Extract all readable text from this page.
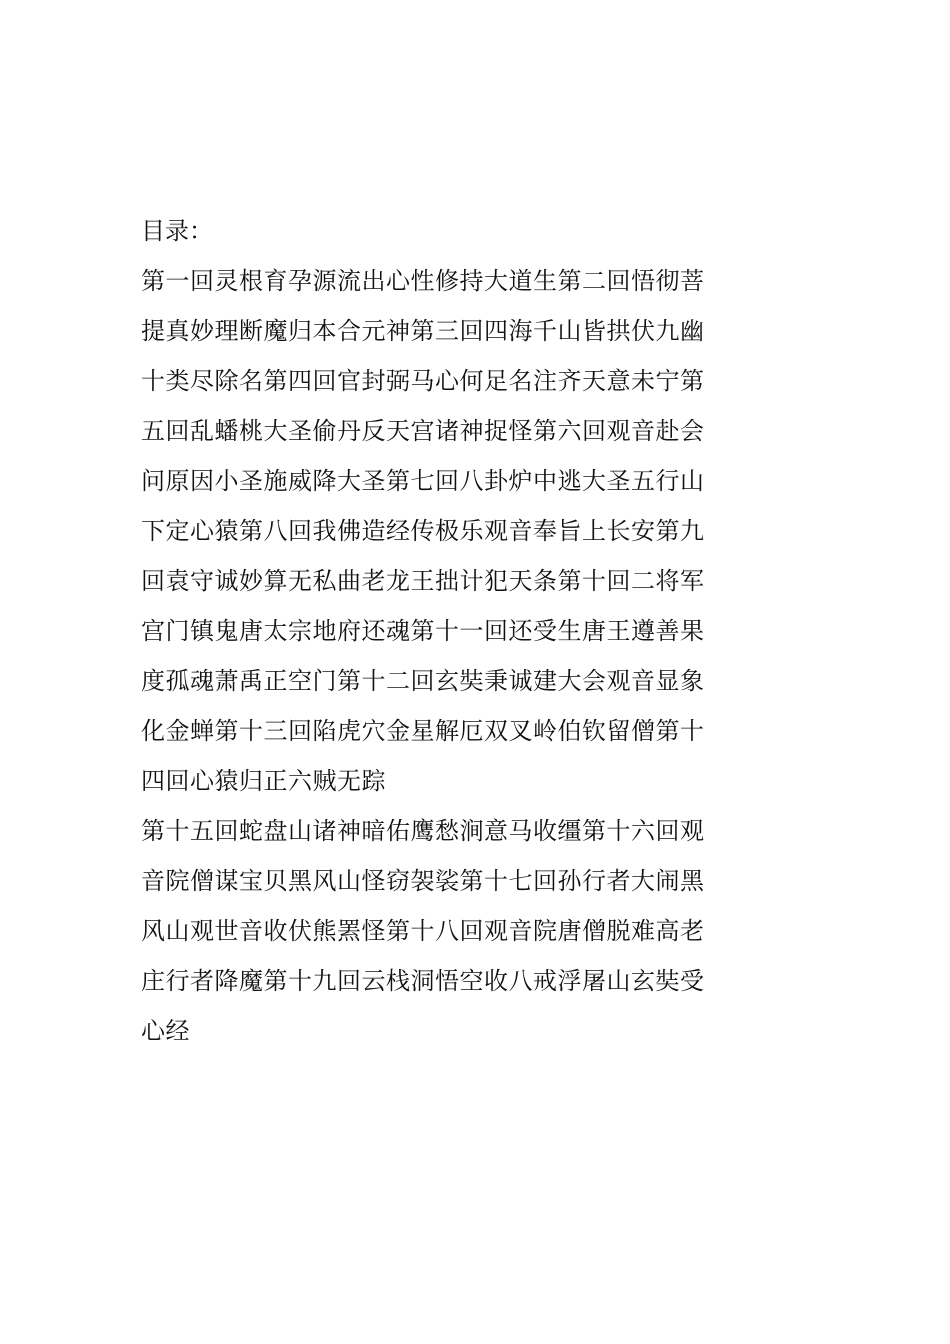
目录：
第一回灵根育孕源流出心性修持大道生第二回悟彻菩
提真妙理断魔归本合元神第三回四海千山皆拱伏九幽
十类尽除名第四回官封弼马心何足名注齐天意未宁第
五回乱蟠桃大圣偷丹反天宫诸神捉怪第六回观音赴会
问原因小圣施威降大圣第七回八卦炉中逃大圣五行山
下定心猿第八回我佛造经传极乐观音奉旨上长安第九
回袁守诚妙算无私曲老龙王拙计犯天条第十回二将军
宫门镇鬼唐太宗地府还魂第十一回还受生唐王遵善果
度孤魂萧禹正空门第十二回玄奘秉诚建大会观音显象
化金蝉第十三回陷虎穴金星解厄双叉岭伯钦留僧第十
四回心猿归正六贼无踪
第十五回蛇盘山诸神暗佑鹰愁涧意马收缰第十六回观
音院僧谋宝贝黑风山怪窃袈裟第十七回孙行者大闹黑
风山观世音收伏熊罴怪第十八回观音院唐僧脱难高老
庄行者降魔第十九回云栈洞悟空收八戒浮屠山玄奘受
心经
